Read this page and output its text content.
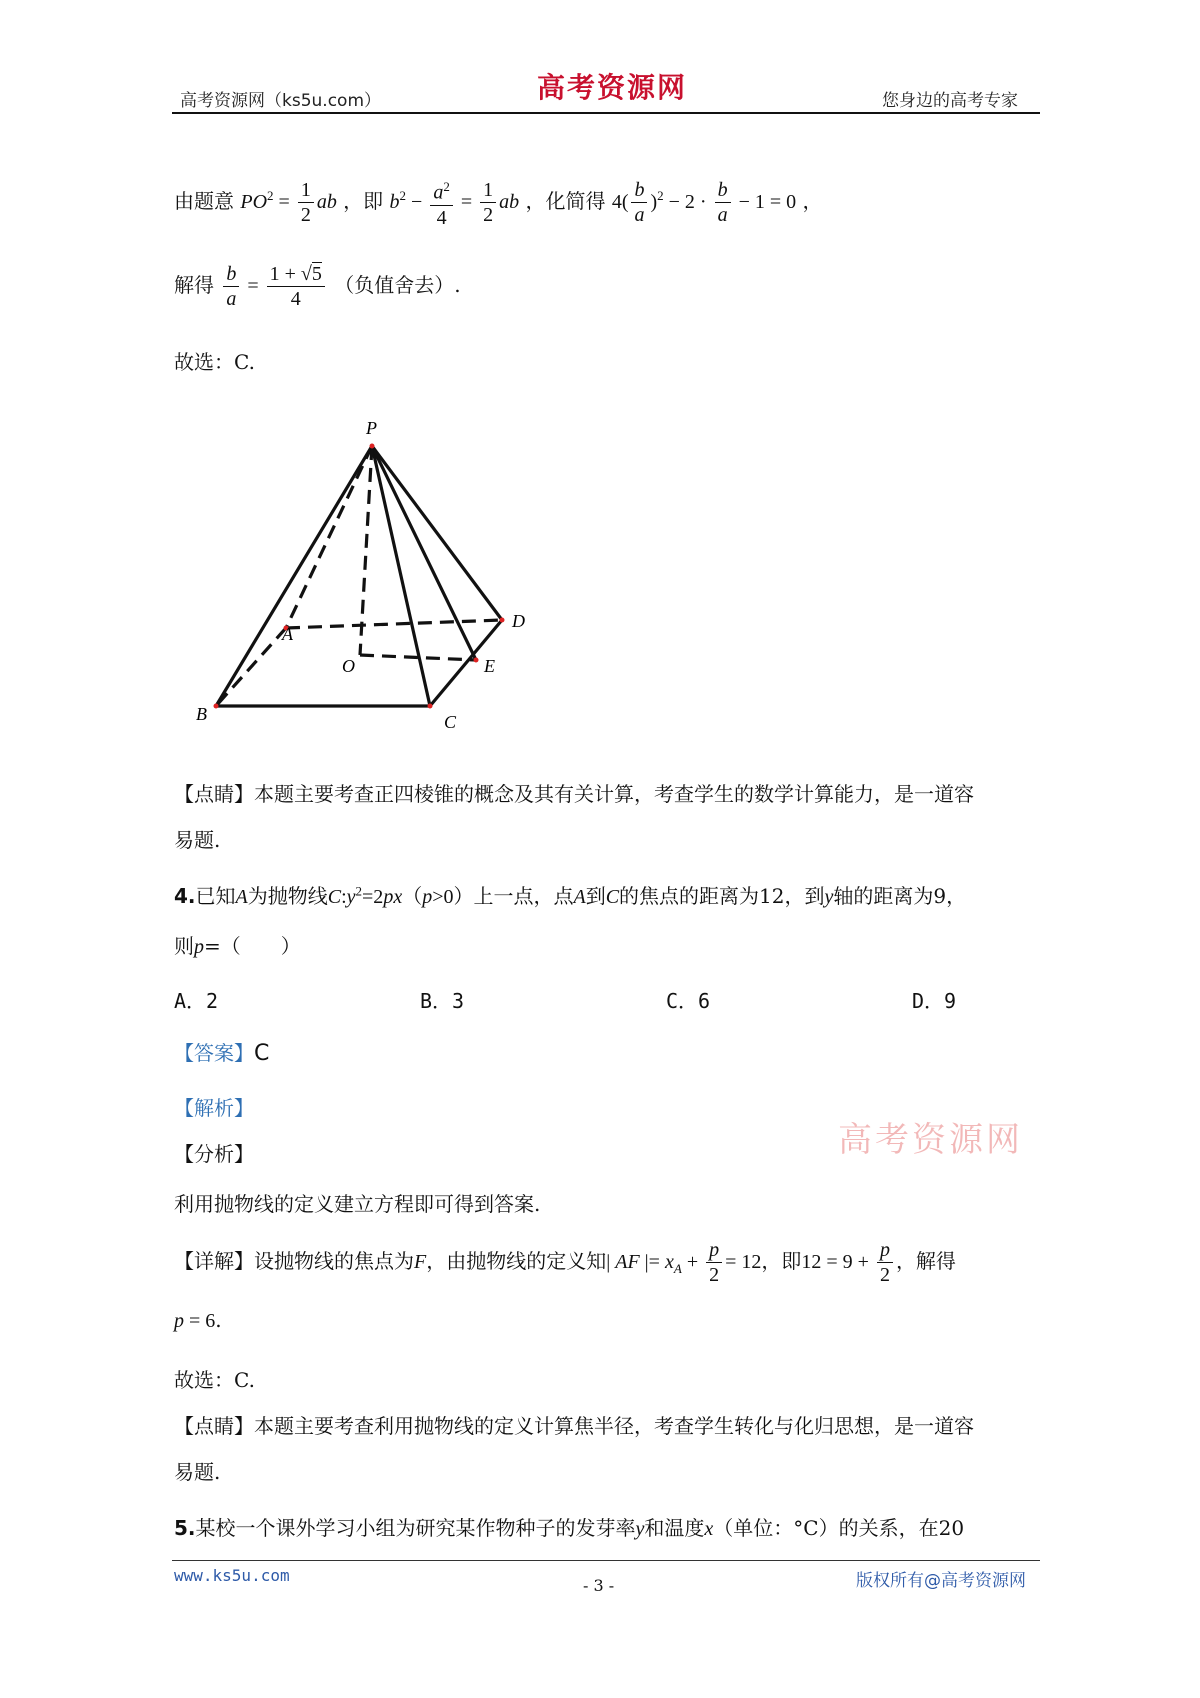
高考资源网（ks5u.com）	高考资源网	您身边的高考专家
由题意 $PO^2 = \frac{1}{2}$ ab ，即 $b^2 - \frac{a^2}{4} = \frac{1}{2}$ ab ，化简得 $4( \frac{b}{a} )^2 - 2 \cdot \frac{b}{a} - 1 = 0$ ，
解得 $\frac{b}{a} = \frac{1 + √5}{4}$ （负值舍去）.
故选：C.
P
A
D
O	E
B	C
【点睛】本题主要考查正四棱锥的概念及其有关计算，考查学生的数学计算能力，是一道容
易题.
4.已知A为抛物线$C:y^2=2px(p>0)$上一点，点A到C的焦点的距离为12，到y轴的距离为9，
则p=（　　）
A．2	B．3	C．6	D．9
【答案】C
【解析】
【分析】
利用抛物线的定义建立方程即可得到答案.
【详解】设抛物线的焦点为F，由抛物线的定义知| AF |= $x_A + \frac{p}{2} = 12$，即$12 = 9 + \frac{p}{2}$ ，解得
p = 6.
故选：C.
【点睛】本题主要考查利用抛物线的定义计算焦半径，考查学生转化与化归思想，是一道容
易题.
5.某校一个课外学习小组为研究某作物种子的发芽率y和温度x（单位：°C）的关系，在20
高考资源网
www.ks5u.com
- 3 -	版权所有@高考资源网
